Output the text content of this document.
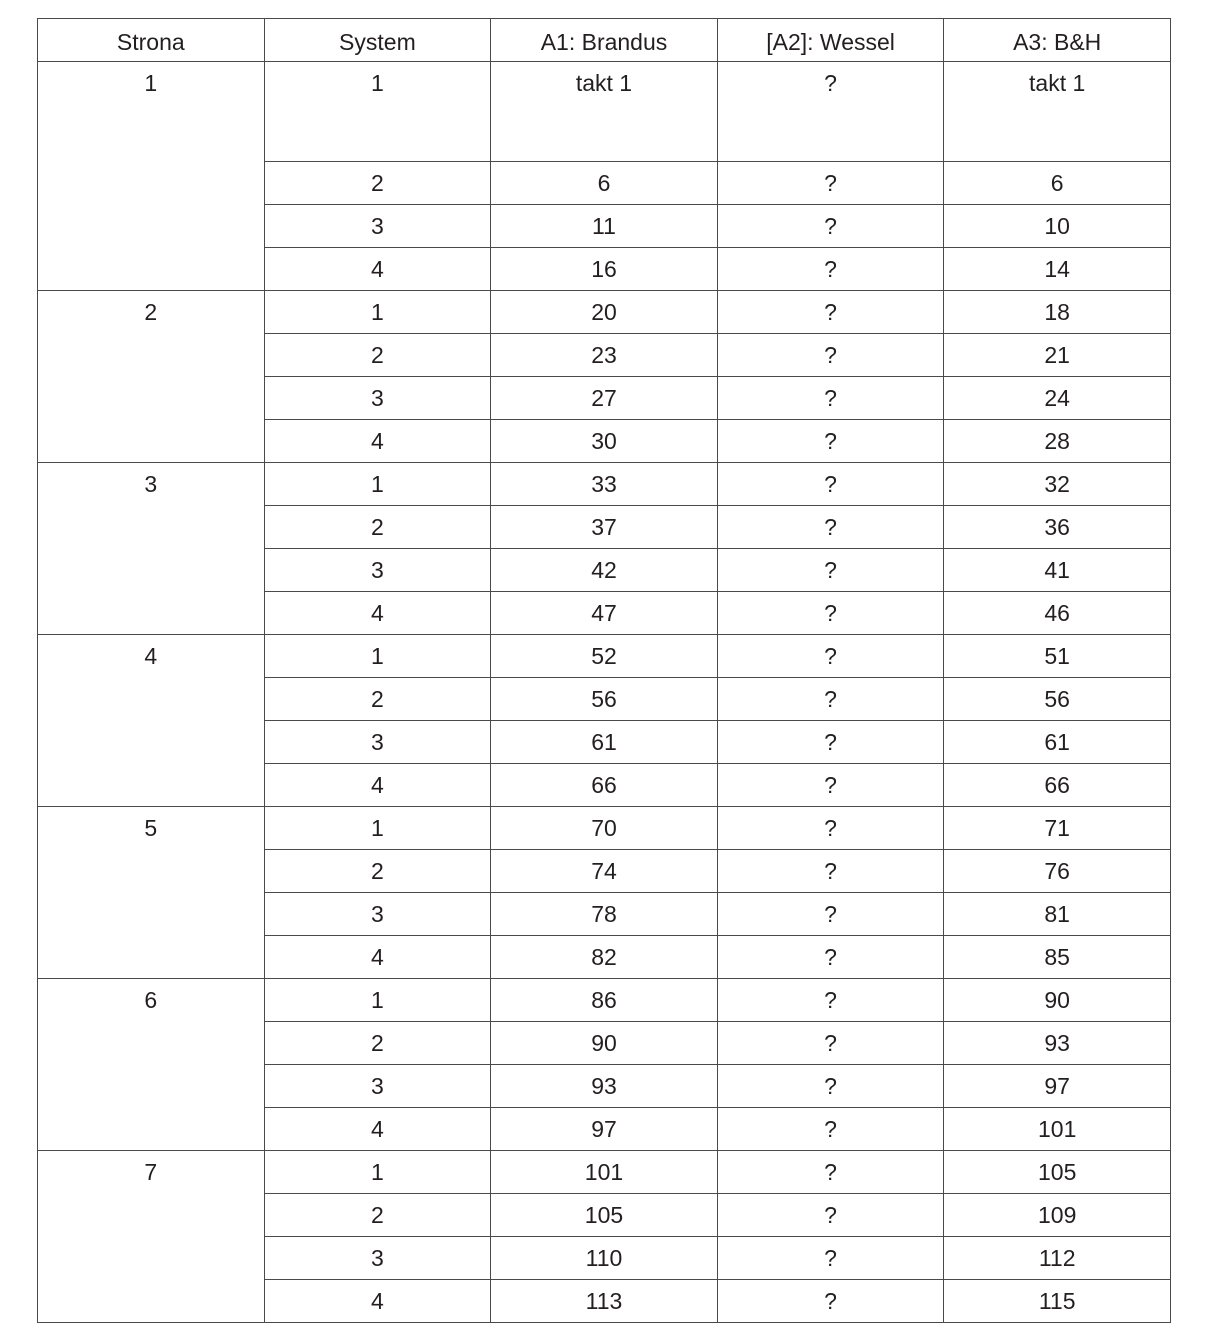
Strona	System	A1: Brandus	[A2]: Wessel	A3: B&H
1	1	takt 1	?	takt 1
	2	6	?	6
	3	11	?	10
	4	16	?	14
2	1	20	?	18
	2	23	?	21
	3	27	?	24
	4	30	?	28
3	1	33	?	32
	2	37	?	36
	3	42	?	41
	4	47	?	46
4	1	52	?	51
	2	56	?	56
	3	61	?	61
	4	66	?	66
5	1	70	?	71
	2	74	?	76
	3	78	?	81
	4	82	?	85
6	1	86	?	90
	2	90	?	93
	3	93	?	97
	4	97	?	101
7	1	101	?	105
	2	105	?	109
	3	110	?	112
	4	113	?	115
